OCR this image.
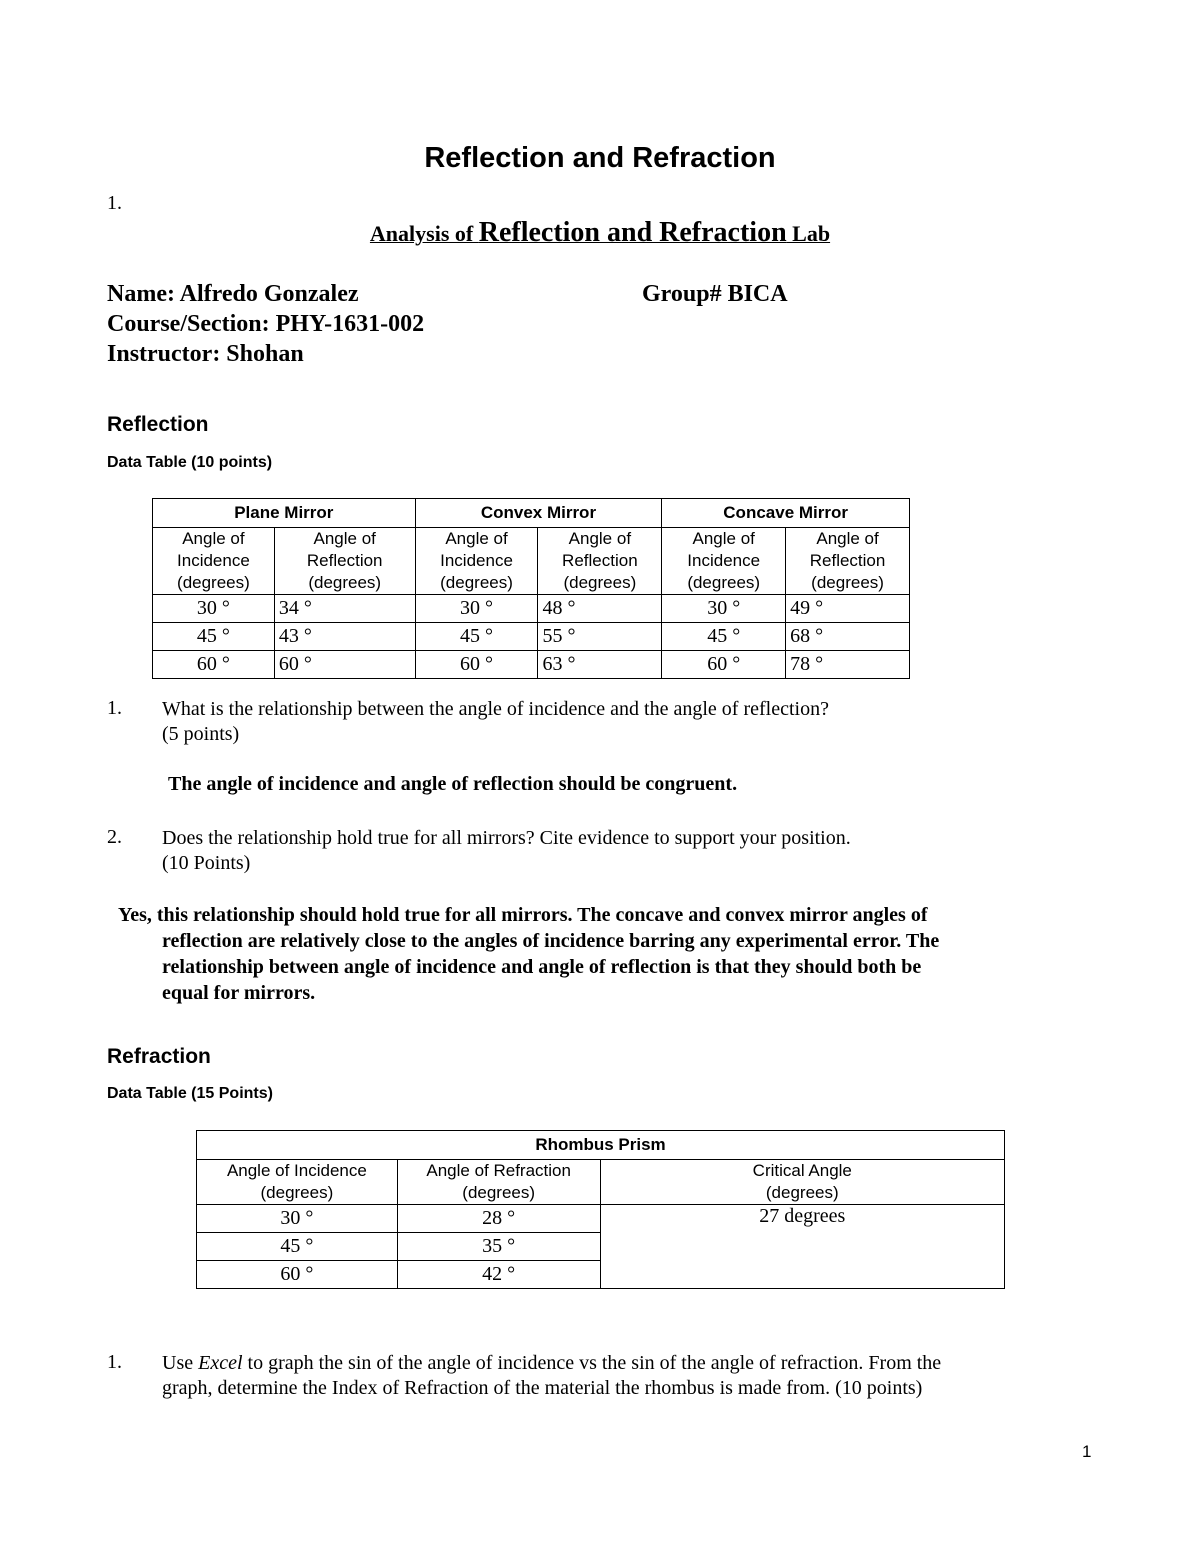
Reflection and Refraction
1.
Analysis of Reflection and Refraction Lab
Name: Alfredo Gonzalez	Group# BICA
Course/Section: PHY-1631-002
Instructor: Shohan
Reflection
Data Table (10 points)
Plane Mirror		Convex Mirror		Concave Mirror	
Angle of
Incidence
(degrees)	Angle of
Reflection
(degrees)	Angle of
Incidence
(degrees)	Angle of
Reflection
(degrees)	Angle of
Incidence
(degrees)	Angle of
Reflection
(degrees)
30 °	34 °	30 °	48 °	30 °	49 °
45 °	43 °	45 °	55 °	45 °	68 °
60 °	60 °	60 °	63 °	60 °	78 °
1. What is the relationship between the angle of incidence and the angle of reflection?
(5 points)
The angle of incidence and angle of reflection should be congruent.
2. Does the relationship hold true for all mirrors? Cite evidence to support your position.
(10 Points)
Yes, this relationship should hold true for all mirrors. The concave and convex mirror angles of
reflection are relatively close to the angles of incidence barring any experimental error. The
relationship between angle of incidence and angle of reflection is that they should both be
equal for mirrors.
Refraction
Data Table (15 Points)
Rhombus Prism		
Angle of Incidence
(degrees)	Angle of Refraction
(degrees)	Critical Angle
(degrees)
30 °	28 °	27 degrees
45 °	35 °	
60 °	42 °	
1. Use Excel to graph the sin of the angle of incidence vs the sin of the angle of refraction. From the
graph, determine the Index of Refraction of the material the rhombus is made from. (10 points)
1
